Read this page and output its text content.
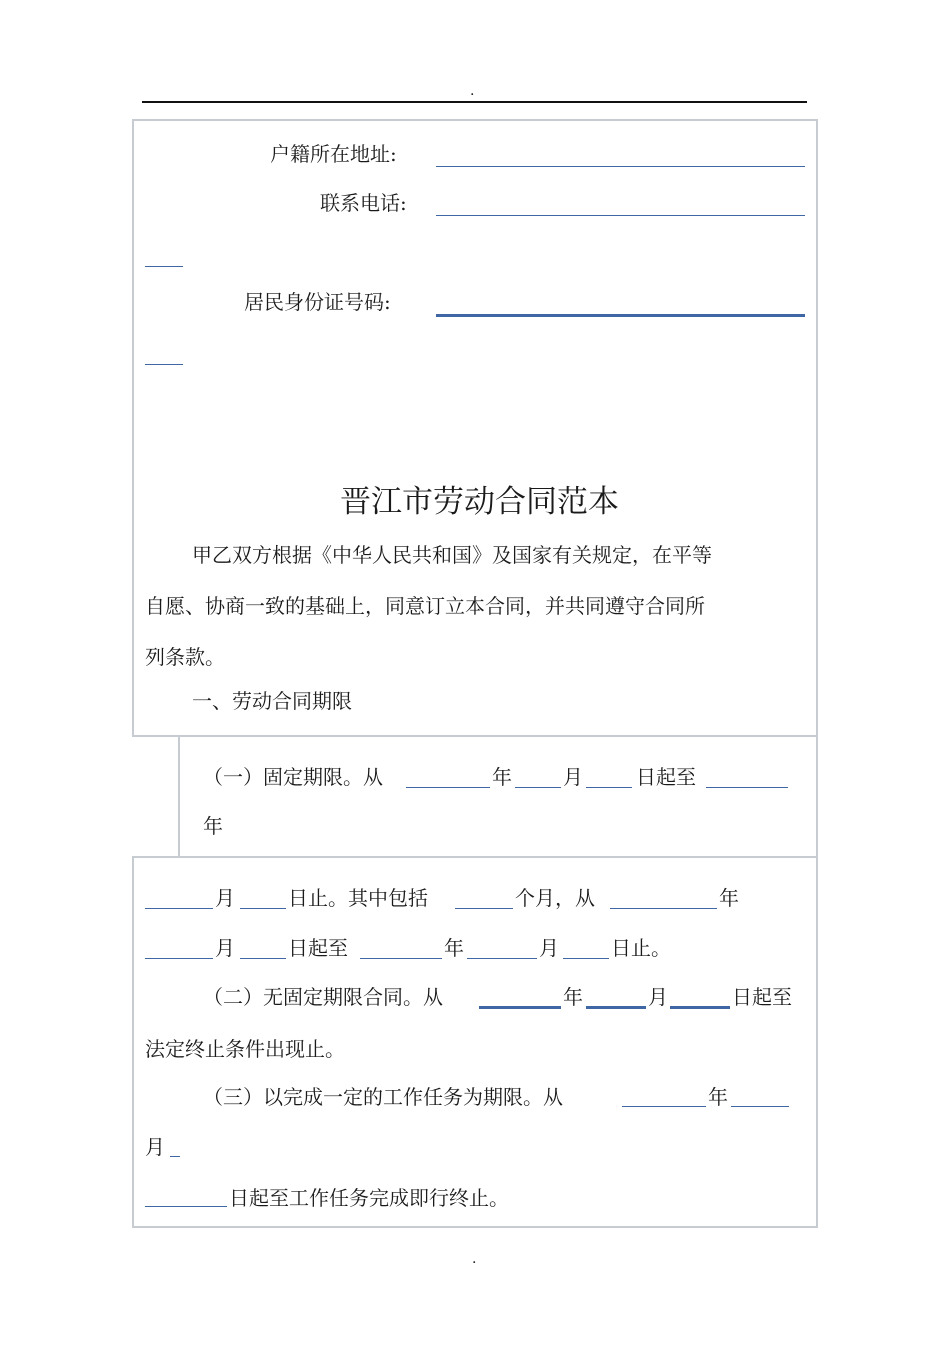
.
户籍所在地址:
联系电话:
居民身份证号码:
晋江市劳动合同范本
甲乙双方根据《中华人民共和国》及国家有关规定，在平等
自愿、协商一致的基础上，同意订立本合同，并共同遵守合同所
列条款。
一、劳动合同期限
（一）固定期限。从	年	月	日起至
年
月	日止。其中包括	个月，从	年
月	日起至	年	月	日止。
（二）无固定期限合同。从	年	月	日起至
法定终止条件出现止。
（三）以完成一定的工作任务为期限。从	年
月
日起至工作任务完成即行终止。
.
